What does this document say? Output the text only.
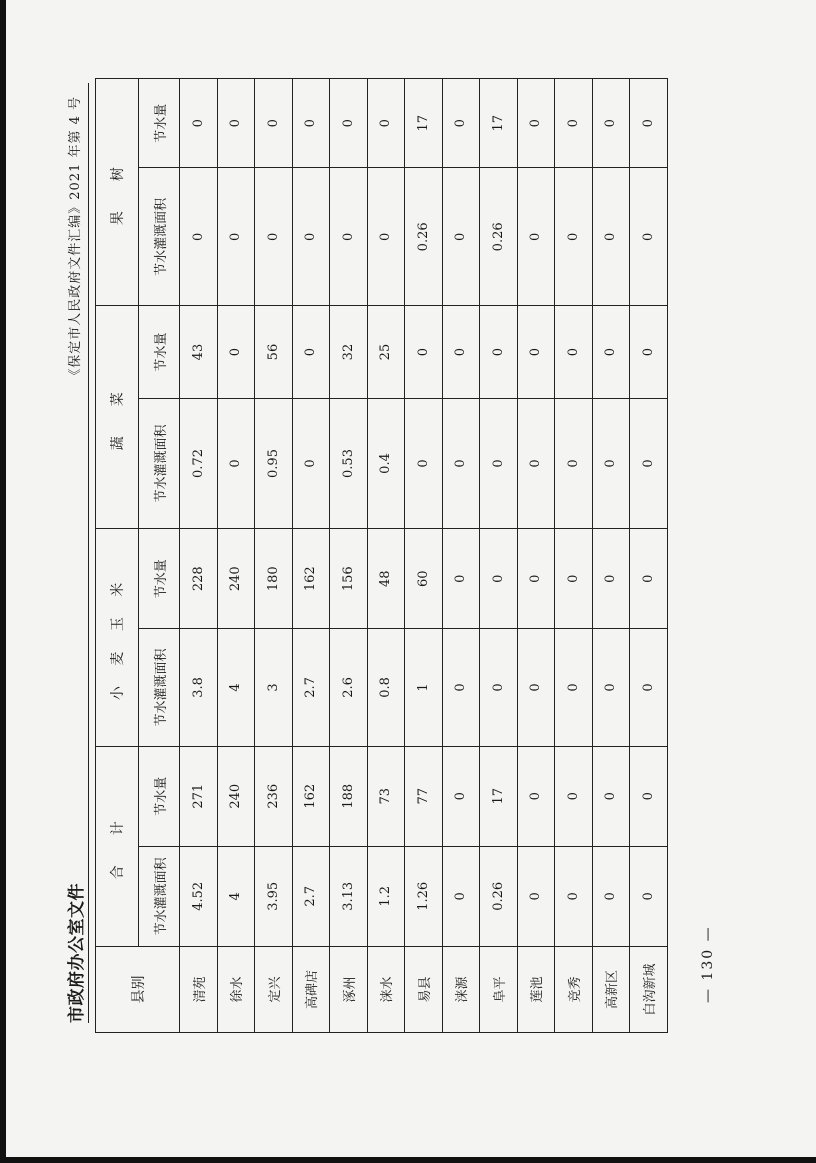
市政府办公室文件
《保定市人民政府文件汇编》2021 年第 4 号
县别	合　计		小 麦 玉 米		蔬　菜		果　树	
	节水灌溉面积	节水量	节水灌溉面积	节水量	节水灌溉面积	节水量	节水灌溉面积	节水量
清苑	4.52	271	3.8	228	0.72	43	0	0
徐水	4	240	4	240	0	0	0	0
定兴	3.95	236	3	180	0.95	56	0	0
高碑店	2.7	162	2.7	162	0	0	0	0
涿州	3.13	188	2.6	156	0.53	32	0	0
涞水	1.2	73	0.8	48	0.4	25	0	0
易县	1.26	77	1	60	0	0	0.26	17
涞源	0	0	0	0	0	0	0	0
阜平	0.26	17	0	0	0	0	0.26	17
莲池	0	0	0	0	0	0	0	0
竞秀	0	0	0	0	0	0	0	0
高新区	0	0	0	0	0	0	0	0
白沟新城	0	0	0	0	0	0	0	0
— 130 —
